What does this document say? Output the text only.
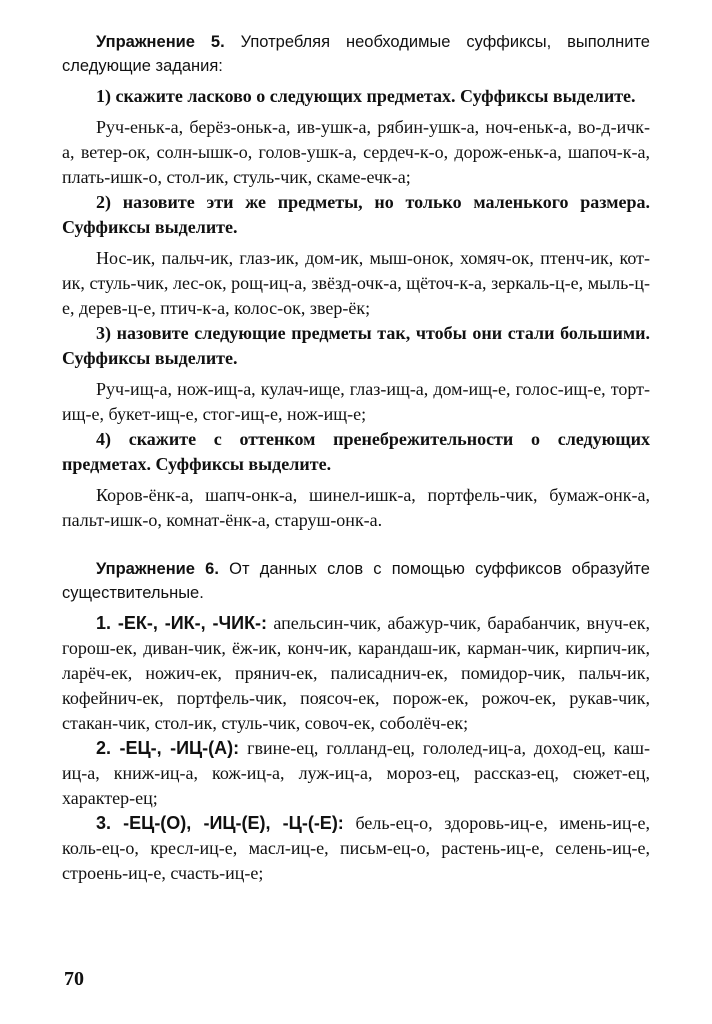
Упражнение 5. Употребляя необходимые суффиксы, выполните следующие задания:

1) скажите ласково о следующих предметах. Суффиксы выделите.

Руч-еньк-а, берёз-оньк-а, ив-ушк-а, рябин-ушк-а, ноч-еньк-а, во-д-ичк-а, ветер-ок, солн-ышк-о, голов-ушк-а, сердеч-к-о, дорож-еньк-а, шапоч-к-а, плать-ишк-о, стол-ик, стуль-чик, скаме-ечк-а;

2) назовите эти же предметы, но только маленького размера. Суффиксы выделите.

Нос-ик, пальч-ик, глаз-ик, дом-ик, мыш-онок, хомяч-ок, птенч-ик, кот-ик, стуль-чик, лес-ок, рощ-иц-а, звёзд-очк-а, щёточ-к-а, зеркаль-ц-е, мыль-ц-е, дерев-ц-е, птич-к-а, колос-ок, звер-ёк;

3) назовите следующие предметы так, чтобы они стали большими. Суффиксы выделите.

Руч-ищ-а, нож-ищ-а, кулач-ище, глаз-ищ-а, дом-ищ-е, голос-ищ-е, торт-ищ-е, букет-ищ-е, стог-ищ-е, нож-ищ-е;

4) скажите с оттенком пренебрежительности о следующих предметах. Суффиксы выделите.

Коров-ёнк-а, шапч-онк-а, шинел-ишк-а, портфель-чик, бумаж-онк-а, пальт-ишк-о, комнат-ёнк-а, старуш-онк-а.

Упражнение 6. От данных слов с помощью суффиксов образуйте существительные.

1. -ЕК-, -ИК-, -ЧИК-: апельсин-чик, абажур-чик, барабанчик, внуч-ек, горош-ек, диван-чик, ёж-ик, конч-ик, карандаш-ик, карман-чик, кирпич-ик, ларёч-ек, ножич-ек, прянич-ек, палисаднич-ек, помидор-чик, пальч-ик, кофейнич-ек, портфель-чик, поясоч-ек, порож-ек, рожоч-ек, рукав-чик, стакан-чик, стол-ик, стуль-чик, совоч-ек, соболёч-ек;

2. -ЕЦ-, -ИЦ-(А): гвине-ец, голланд-ец, гололед-иц-а, доход-ец, каш-иц-а, книж-иц-а, кож-иц-а, луж-иц-а, мороз-ец, рассказ-ец, сюжет-ец, характер-ец;

3. -ЕЦ-(О), -ИЦ-(Е), -Ц-(-Е): бель-ец-о, здоровь-иц-е, имень-иц-е, коль-ец-о, кресл-иц-е, масл-иц-е, письм-ец-о, растень-иц-е, селень-иц-е, строень-иц-е, счасть-иц-е;

70
